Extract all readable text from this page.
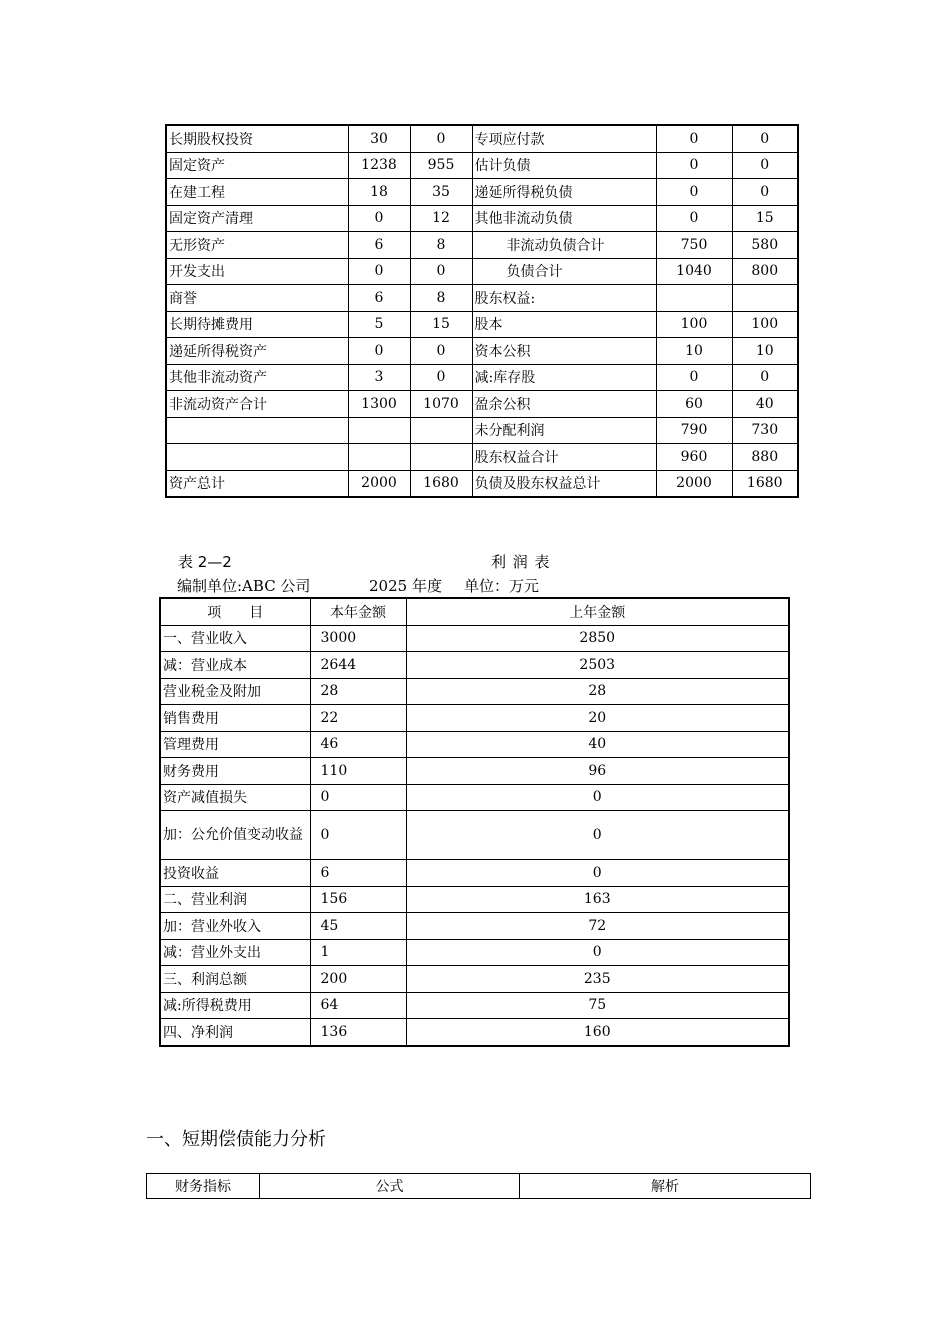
长期股权投资	30	0	专项应付款	0	0
固定资产	1238	955	估计负债	0	0
在建工程	18	35	递延所得税负债	0	0
固定资产清理	0	12	其他非流动负债	0	15
无形资产	6	8	非流动负债合计	750	580
开发支出	0	0	负债合计	1040	800
商誉	6	8	股东权益:		
长期待摊费用	5	15	股本	100	100
递延所得税资产	0	0	资本公积	10	10
其他非流动资产	3	0	减:库存股	0	0
非流动资产合计	1300	1070	盈余公积	60	40
			未分配利润	790	730
			股东权益合计	960	880
资产总计	2000	1680	负债及股东权益总计	2000	1680
表 2—2	利 润 表
编制单位:ABC 公司	2025 年度 单位：万元
项　　目	本年金额	上年金额
一、营业收入	3000	2850
减：营业成本	2644	2503
营业税金及附加	28	28
销售费用	22	20
管理费用	46	40
财务费用	110	96
资产减值损失	0	0
加：公允价值变动收益	0	0
投资收益	6	0
二、营业利润	156	163
加：营业外收入	45	72
减：营业外支出	1	0
三、利润总额	200	235
减:所得税费用	64	75
四、净利润	136	160
一、短期偿债能力分析
财务指标	公式	解析
